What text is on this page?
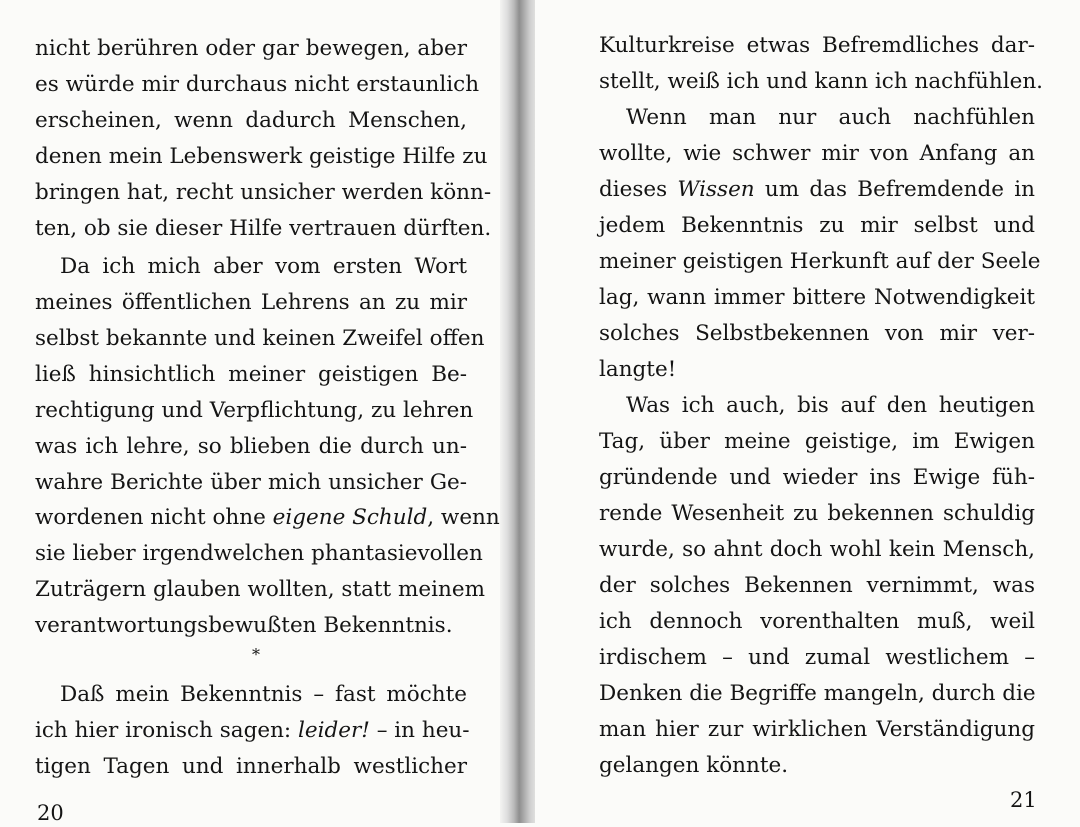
nicht berühren oder gar bewegen, aber
es würde mir durchaus nicht erstaunlich
erscheinen, wenn dadurch Menschen,
denen mein Lebenswerk geistige Hilfe zu
bringen hat, recht unsicher werden könn-
ten, ob sie dieser Hilfe vertrauen dürften.
Da ich mich aber vom ersten Wort
meines öffentlichen Lehrens an zu mir
selbst bekannte und keinen Zweifel offen
ließ hinsichtlich meiner geistigen Be-
rechtigung und Verpflichtung, zu lehren
was ich lehre, so blieben die durch un-
wahre Berichte über mich unsicher Ge-
wordenen nicht ohne eigene Schuld, wenn
sie lieber irgendwelchen phantasievollen
Zuträgern glauben wollten, statt meinem
verantwortungsbewußten Bekenntnis.
*
Daß mein Bekenntnis – fast möchte
ich hier ironisch sagen: leider! – in heu-
tigen Tagen und innerhalb westlicher
20
Kulturkreise etwas Befremdliches dar-
stellt, weiß ich und kann ich nachfühlen.
Wenn man nur auch nachfühlen
wollte, wie schwer mir von Anfang an
dieses Wissen um das Befremdende in
jedem Bekenntnis zu mir selbst und
meiner geistigen Herkunft auf der Seele
lag, wann immer bittere Notwendigkeit
solches Selbstbekennen von mir ver-
langte!
Was ich auch, bis auf den heutigen
Tag, über meine geistige, im Ewigen
gründende und wieder ins Ewige füh-
rende Wesenheit zu bekennen schuldig
wurde, so ahnt doch wohl kein Mensch,
der solches Bekennen vernimmt, was
ich dennoch vorenthalten muß, weil
irdischem – und zumal westlichem –
Denken die Begriffe mangeln, durch die
man hier zur wirklichen Verständigung
gelangen könnte.
21
